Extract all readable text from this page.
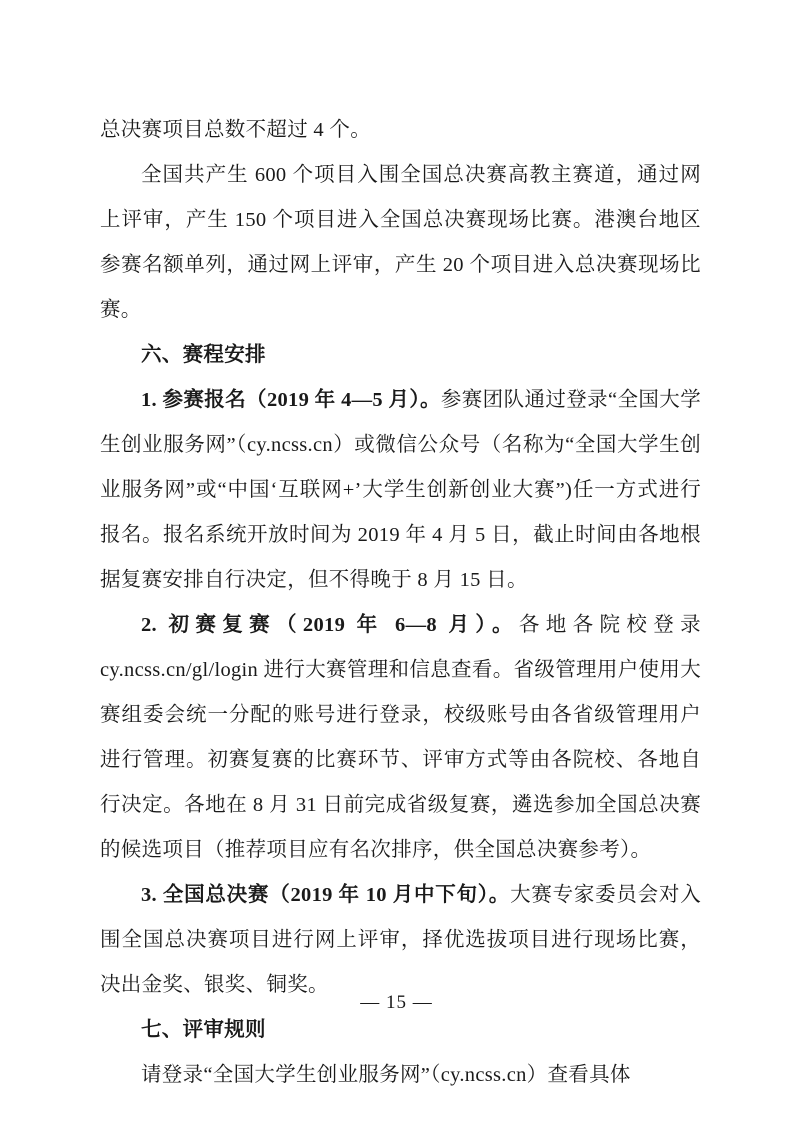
总决赛项目总数不超过 4 个。

全国共产生 600 个项目入围全国总决赛高教主赛道，通过网上评审，产生 150 个项目进入全国总决赛现场比赛。港澳台地区参赛名额单列，通过网上评审，产生 20 个项目进入总决赛现场比赛。

六、赛程安排

1. 参赛报名（2019 年 4—5 月）。参赛团队通过登录“全国大学生创业服务网”（cy.ncss.cn）或微信公众号（名称为“全国大学生创业服务网”或“中国‘互联网+’大学生创新创业大赛”)任一方式进行报名。报名系统开放时间为 2019 年 4 月 5 日，截止时间由各地根据复赛安排自行决定，但不得晚于 8 月 15 日。

2. 初赛复赛（2019 年 6—8 月）。各地各院校登录 cy.ncss.cn/gl/login 进行大赛管理和信息查看。省级管理用户使用大赛组委会统一分配的账号进行登录，校级账号由各省级管理用户进行管理。初赛复赛的比赛环节、评审方式等由各院校、各地自行决定。各地在 8 月 31 日前完成省级复赛，遴选参加全国总决赛的候选项目（推荐项目应有名次排序，供全国总决赛参考）。

3. 全国总决赛（2019 年 10 月中下旬）。大赛专家委员会对入围全国总决赛项目进行网上评审，择优选拔项目进行现场比赛，决出金奖、银奖、铜奖。

七、评审规则

请登录“全国大学生创业服务网”（cy.ncss.cn）查看具体

— 15 —
